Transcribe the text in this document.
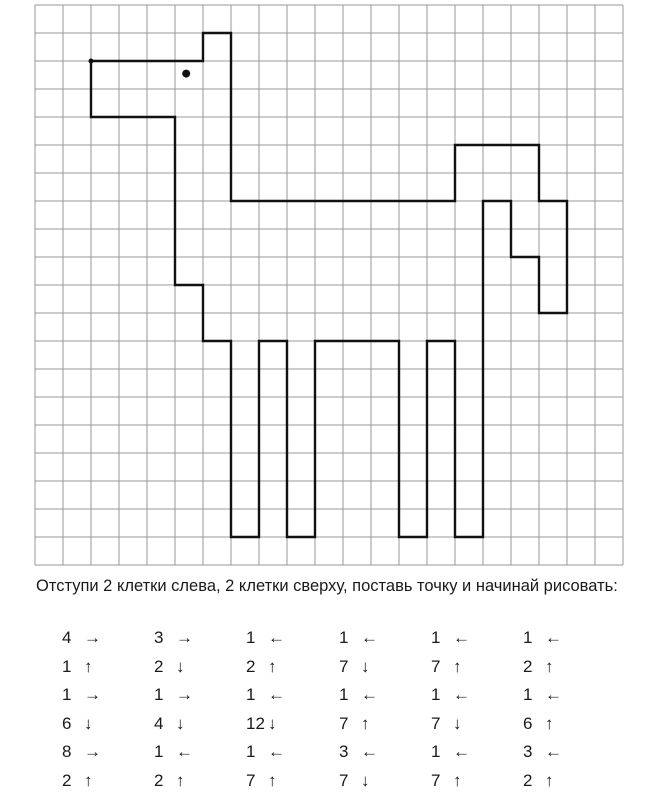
Отступи 2 клетки слева, 2 клетки сверху, поставь точку и начинай рисовать:
4 →
1 ↑
1 →
6 ↓
8 →
2 ↑
3 →
2 ↓
1 →
4 ↓
1 ←
2 ↑
1 ←
2 ↑
1 ←
12 ↓
1 ←
7 ↑
1 ←
7 ↓
1 ←
7 ↑
3 ←
7 ↓
1 ←
7 ↑
1 ←
7 ↓
1 ←
7 ↑
1 ←
2 ↑
1 ←
6 ↑
3 ←
2 ↑
